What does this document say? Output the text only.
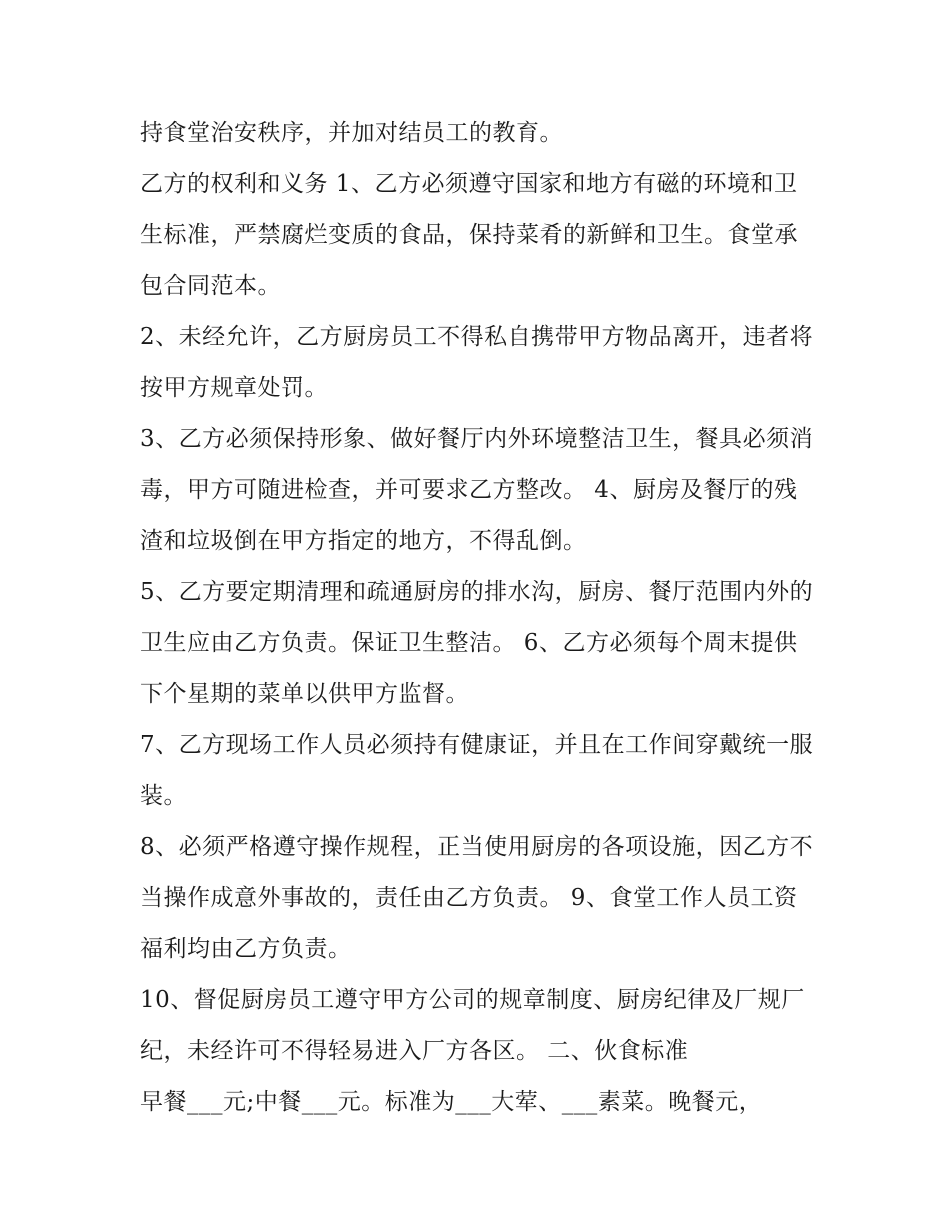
持食堂治安秩序，并加对结员工的教育。

乙方的权利和义务 1、乙方必须遵守国家和地方有磁的环境和卫生标准，严禁腐烂变质的食品，保持菜肴的新鲜和卫生。食堂承包合同范本。

2、未经允许，乙方厨房员工不得私自携带甲方物品离开，违者将按甲方规章处罚。

3、乙方必须保持形象、做好餐厅内外环境整洁卫生，餐具必须消毒，甲方可随进检查，并可要求乙方整改。 4、厨房及餐厅的残渣和垃圾倒在甲方指定的地方，不得乱倒。

5、乙方要定期清理和疏通厨房的排水沟，厨房、餐厅范围内外的卫生应由乙方负责。保证卫生整洁。 6、乙方必须每个周末提供下个星期的菜单以供甲方监督。

7、乙方现场工作人员必须持有健康证，并且在工作间穿戴统一服装。

8、必须严格遵守操作规程，正当使用厨房的各项设施，因乙方不当操作成意外事故的，责任由乙方负责。 9、食堂工作人员工资福利均由乙方负责。

10、督促厨房员工遵守甲方公司的规章制度、厨房纪律及厂规厂纪，未经许可不得轻易进入厂方各区。 二、伙食标准

早餐___元;中餐___元。标准为___大荤、___素菜。晚餐元，
